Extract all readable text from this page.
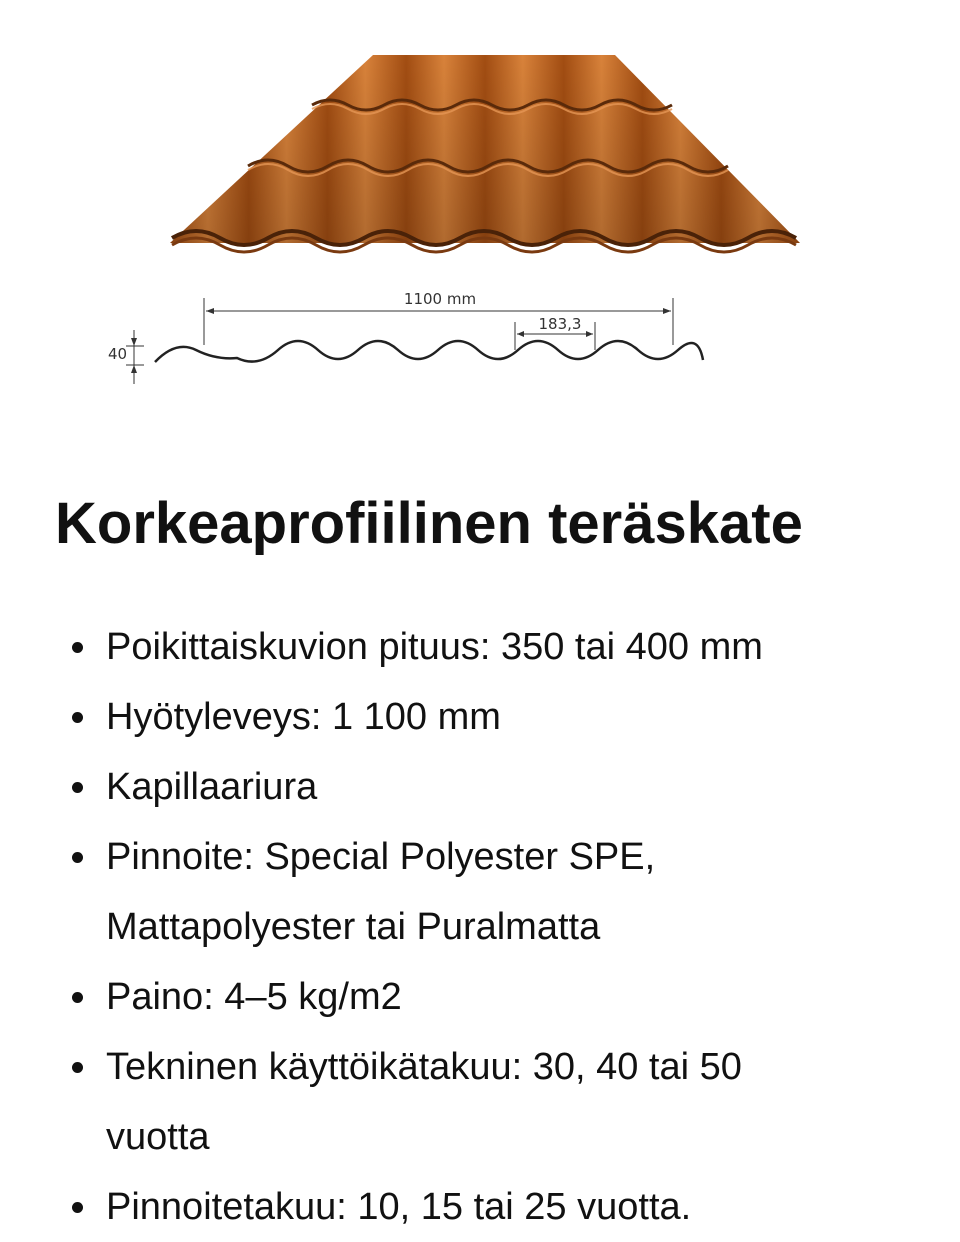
1100 mm
183,3
40
Korkeaprofiilinen teräskate
Poikittaiskuvion pituus: 350 tai 400 mm
Hyötyleveys: 1 100 mm
Kapillaariura
Pinnoite: Special Polyester SPE, Mattapolyester tai Puralmatta
Paino: 4–5 kg/m2
Tekninen käyttöikätakuu: 30, 40 tai 50 vuotta
Pinnoitetakuu: 10, 15 tai 25 vuotta.
